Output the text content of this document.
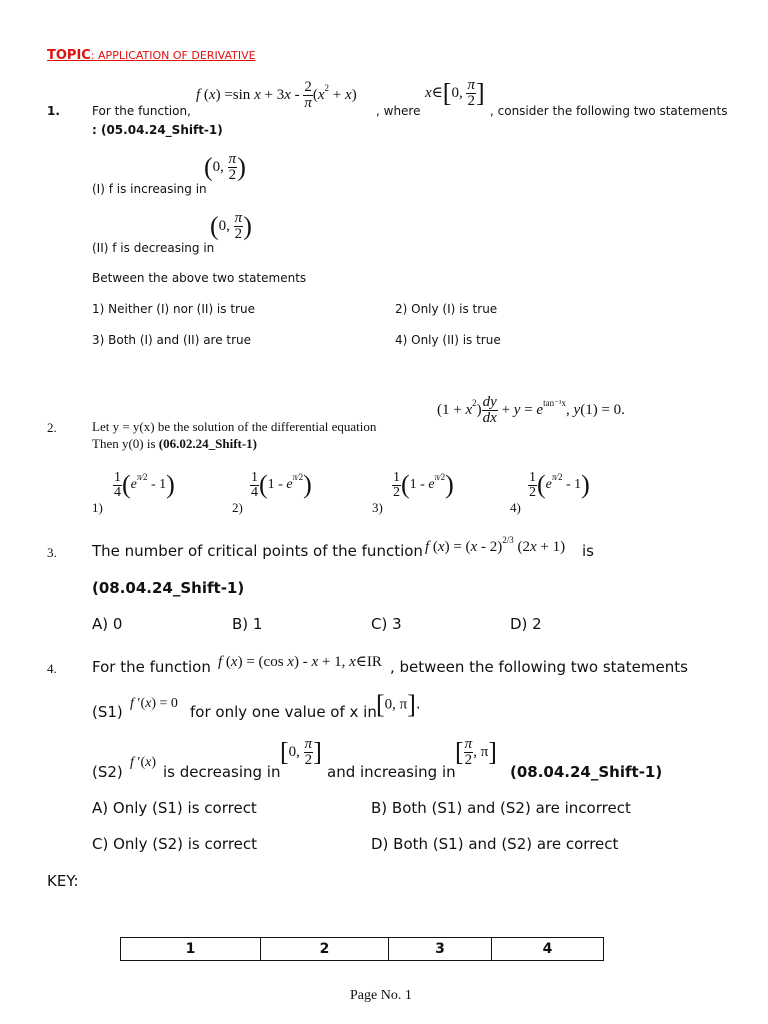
TOPIC: APPLICATION OF DERIVATIVE
1.	For the function,
f (x) =sin $x + 3x - \frac{2}{\pi} (x^2 + x)$
, where
x∈[0, $\frac{\pi}{2}$ ]
, consider the following two statements
: (05.04.24_Shift-1)
(I) f is increasing in
(0, $\frac{\pi}{2}$ )
(II) f is decreasing in
(0, $\frac{\pi}{2}$ )
Between the above two statements
1) Neither (I) nor (II) is true	2) Only (I) is true
3) Both (I) and (II) are true	4) Only (II) is true
2.	Let y = y(x) be the solution of the differential equation
$(1 + x^2) \frac{dy}{dx} + y = e^{tan^{-1}x}$, y(1) = 0.
Then y(0) is (06.02.24_Shift-1)
1)
$\frac{1}{4} (e^{\pi⁄2} - 1)$
2)
$\frac{1}{4} (1 - e^{\pi⁄2})$
3)
$\frac{1}{2} (1 - e^{\pi⁄2})$
4)
$\frac{1}{2} (e^{\pi⁄2} - 1)$
3. The number of critical points of the function f (x) = (x - 2)$^{2/3}$ (2x + 1) is
(08.04.24_Shift-1)
A) 0	B) 1	C) 3	D) 2
4. For the function f (x) = (cos x) - x + 1, x∈IR , between the following two statements
(S1) f ′(x) = 0 for only one value of x in [0, π].
(S2)
f ′(x)
is decreasing in
[0, $\frac{\pi}{2}$ ]
and increasing in
[ $\frac{\pi}{2}$ , π]
(08.04.24_Shift-1)
A) Only (S1) is correct	B) Both (S1) and (S2) are incorrect
C) Only (S2) is correct	D) Both (S1) and (S2) are correct
KEY:
1	2	3	4
Page No. 1
